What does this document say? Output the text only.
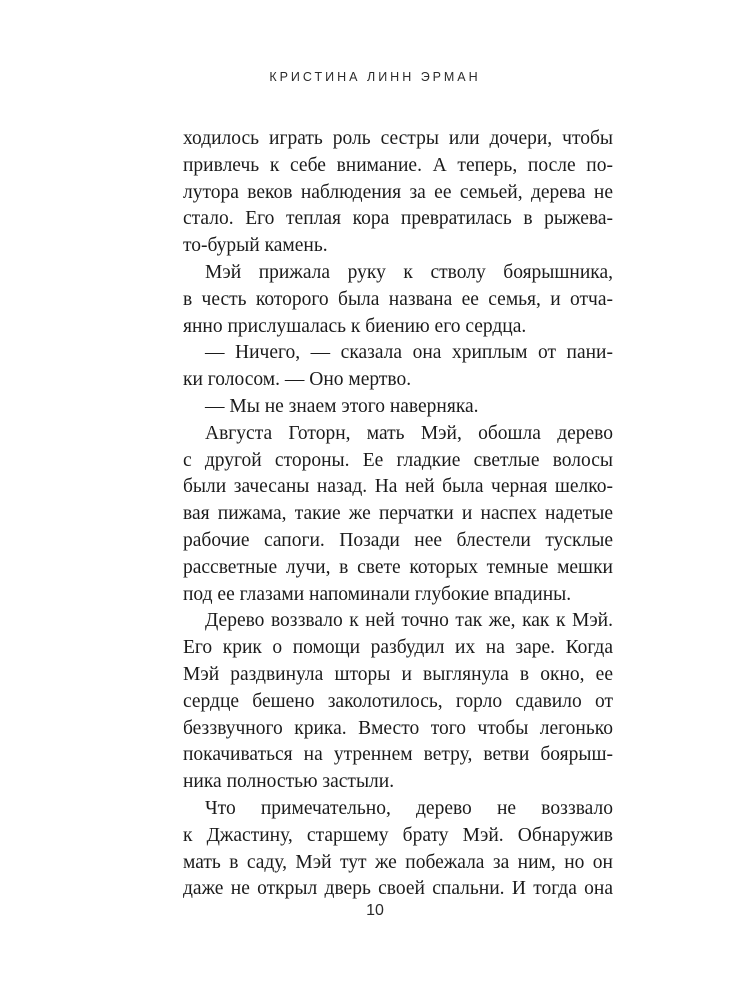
КРИСТИНА ЛИНН ЭРМАН
ходилось играть роль сестры или дочери, чтобы
привлечь к себе внимание. А теперь, после по-
лутора веков наблюдения за ее семьей, дерева не
стало. Его теплая кора превратилась в рыжева-
то-бурый камень.
Мэй прижала руку к стволу боярышника,
в честь которого была названа ее семья, и отча-
янно прислушалась к биению его сердца.
— Ничего, — сказала она хриплым от пани-
ки голосом. — Оно мертво.
— Мы не знаем этого наверняка.
Августа Готорн, мать Мэй, обошла дерево
с другой стороны. Ее гладкие светлые волосы
были зачесаны назад. На ней была черная шелко-
вая пижама, такие же перчатки и наспех надетые
рабочие сапоги. Позади нее блестели тусклые
рассветные лучи, в свете которых темные мешки
под ее глазами напоминали глубокие впадины.
Дерево воззвало к ней точно так же, как к Мэй.
Его крик о помощи разбудил их на заре. Когда
Мэй раздвинула шторы и выглянула в окно, ее
сердце бешено заколотилось, горло сдавило от
беззвучного крика. Вместо того чтобы легонько
покачиваться на утреннем ветру, ветви боярыш-
ника полностью застыли.
Что примечательно, дерево не воззвало
к Джастину, старшему брату Мэй. Обнаружив
мать в саду, Мэй тут же побежала за ним, но он
даже не открыл дверь своей спальни. И тогда она
10
